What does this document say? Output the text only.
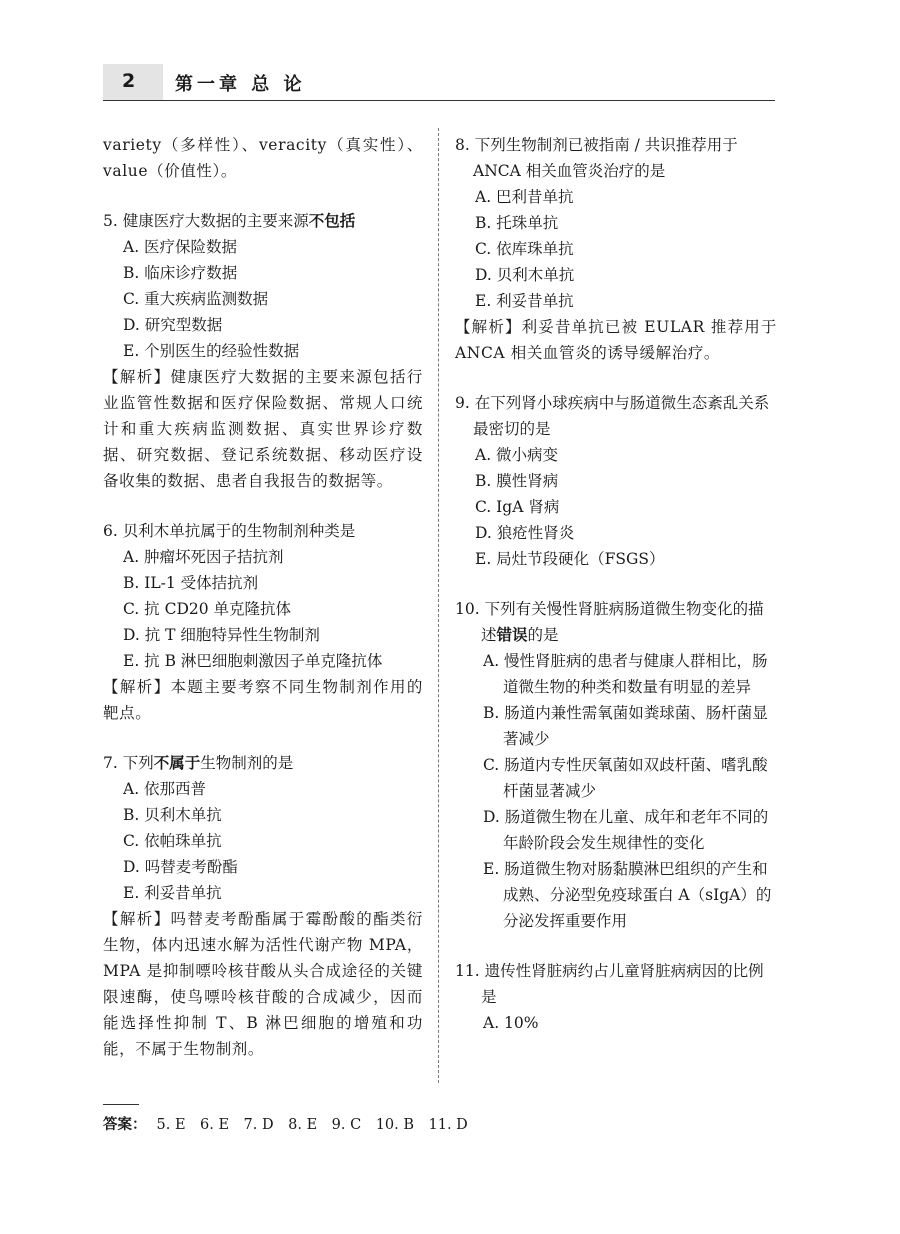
2 第一章 总 论

variety（多样性）、veracity（真实性）、value（价值性）。

5. 健康医疗大数据的主要来源不包括
A. 医疗保险数据
B. 临床诊疗数据
C. 重大疾病监测数据
D. 研究型数据
E. 个别医生的经验性数据
【解析】健康医疗大数据的主要来源包括行业监管性数据和医疗保险数据、常规人口统计和重大疾病监测数据、真实世界诊疗数据、研究数据、登记系统数据、移动医疗设备收集的数据、患者自我报告的数据等。
6. 贝利木单抗属于的生物制剂种类是
A. 肿瘤坏死因子拮抗剂
B. IL-1 受体拮抗剂
C. 抗 CD20 单克隆抗体
D. 抗 T 细胞特异性生物制剂
E. 抗 B 淋巴细胞刺激因子单克隆抗体
【解析】本题主要考察不同生物制剂作用的靶点。
7. 下列不属于生物制剂的是
A. 依那西普
B. 贝利木单抗
C. 依帕珠单抗
D. 吗替麦考酚酯
E. 利妥昔单抗
【解析】吗替麦考酚酯属于霉酚酸的酯类衍生物，体内迅速水解为活性代谢产物 MPA，MPA 是抑制嘌呤核苷酸从头合成途径的关键限速酶，使鸟嘌呤核苷酸的合成减少，因而能选择性抑制 T、B 淋巴细胞的增殖和功能，不属于生物制剂。
8. 下列生物制剂已被指南 / 共识推荐用于 ANCA 相关血管炎治疗的是
A. 巴利昔单抗
B. 托珠单抗
C. 依库珠单抗
D. 贝利木单抗
E. 利妥昔单抗
【解析】利妥昔单抗已被 EULAR 推荐用于 ANCA 相关血管炎的诱导缓解治疗。
9. 在下列肾小球疾病中与肠道微生态紊乱关系最密切的是
A. 微小病变
B. 膜性肾病
C. IgA 肾病
D. 狼疮性肾炎
E. 局灶节段硬化（FSGS）
10. 下列有关慢性肾脏病肠道微生物变化的描述错误的是
A. 慢性肾脏病的患者与健康人群相比，肠道微生物的种类和数量有明显的差异
B. 肠道内兼性需氧菌如粪球菌、肠杆菌显著减少
C. 肠道内专性厌氧菌如双歧杆菌、嗜乳酸杆菌显著减少
D. 肠道微生物在儿童、成年和老年不同的年龄阶段会发生规律性的变化
E. 肠道微生物对肠黏膜淋巴组织的产生和成熟、分泌型免疫球蛋白 A（sIgA）的分泌发挥重要作用
11. 遗传性肾脏病约占儿童肾脏病病因的比例是
A. 10%
答案： 5. E　6. E　7. D　8. E　9. C　10. B　11. D
